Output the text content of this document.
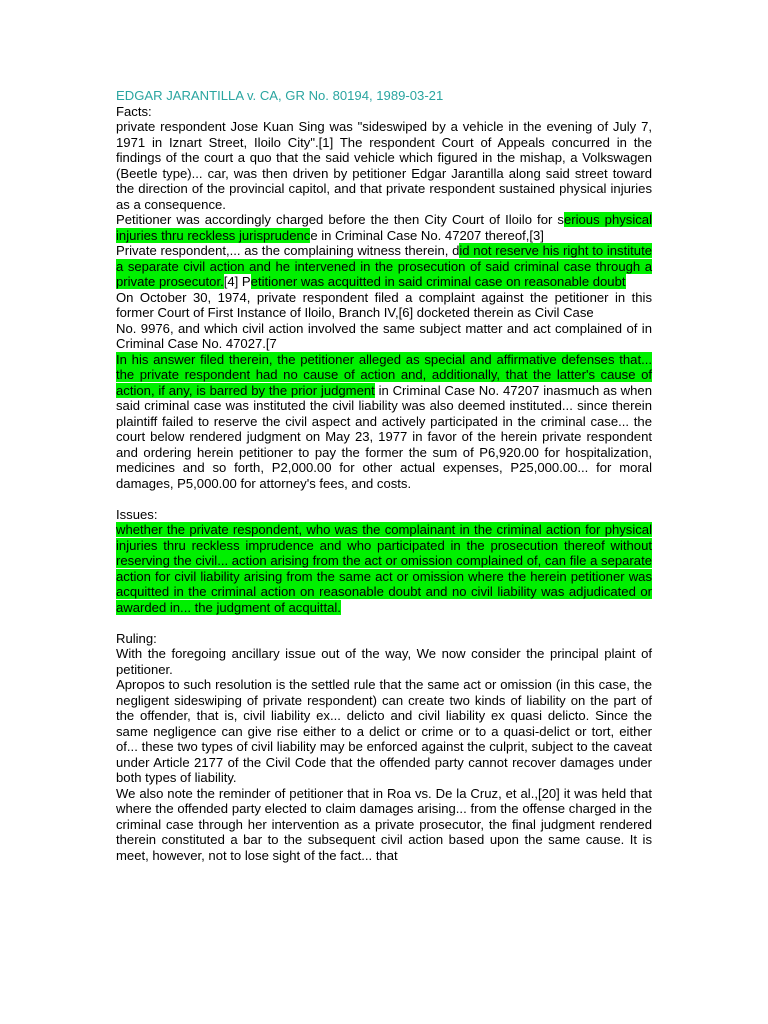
EDGAR JARANTILLA v. CA, GR No. 80194, 1989-03-21

Facts:

private respondent Jose Kuan Sing was "sideswiped by a vehicle in the evening of July 7, 1971 in Iznart Street, Iloilo City".[1] The respondent Court of Appeals concurred in the findings of the court a quo that the said vehicle which figured in the mishap, a Volkswagen (Beetle type)... car, was then driven by petitioner Edgar Jarantilla along said street toward the direction of the provincial capitol, and that private respondent sustained physical injuries as a consequence.

Petitioner was accordingly charged before the then City Court of Iloilo for serious physical injuries thru reckless jurisprudence in Criminal Case No. 47207 thereof,[3]

Private respondent,... as the complaining witness therein, did not reserve his right to institute a separate civil action and he intervened in the prosecution of said criminal case through a private prosecutor.[4] Petitioner was acquitted in said criminal case on reasonable doubt

On October 30, 1974, private respondent filed a complaint against the petitioner in this former Court of First Instance of Iloilo, Branch IV,[6] docketed therein as Civil Case

No. 9976, and which civil action involved the same subject matter and act complained of in Criminal Case No. 47027.[7

In his answer filed therein, the petitioner alleged as special and affirmative defenses that... the private respondent had no cause of action and, additionally, that the latter's cause of action, if any, is barred by the prior judgment in Criminal Case No. 47207 inasmuch as when said criminal case was instituted the civil liability was also deemed instituted... since therein plaintiff failed to reserve the civil aspect and actively participated in the criminal case... the court below rendered judgment on May 23, 1977 in favor of the herein private respondent and ordering herein petitioner to pay the former the sum of P6,920.00 for hospitalization, medicines and so forth, P2,000.00 for other actual expenses, P25,000.00... for moral damages, P5,000.00 for attorney's fees, and costs.

Issues:

whether the private respondent, who was the complainant in the criminal action for physical injuries thru reckless imprudence and who participated in the prosecution thereof without reserving the civil... action arising from the act or omission complained of, can file a separate action for civil liability arising from the same act or omission where the herein petitioner was acquitted in the criminal action on reasonable doubt and no civil liability was adjudicated or awarded in... the judgment of acquittal.

Ruling:

With the foregoing ancillary issue out of the way, We now consider the principal plaint of petitioner.

Apropos to such resolution is the settled rule that the same act or omission (in this case, the negligent sideswiping of private respondent) can create two kinds of liability on the part of the offender, that is, civil liability ex... delicto and civil liability ex quasi delicto. Since the same negligence can give rise either to a delict or crime or to a quasi-delict or tort, either of... these two types of civil liability may be enforced against the culprit, subject to the caveat under Article 2177 of the Civil Code that the offended party cannot recover damages under both types of liability.

We also note the reminder of petitioner that in Roa vs. De la Cruz, et al.,[20] it was held that where the offended party elected to claim damages arising... from the offense charged in the criminal case through her intervention as a private prosecutor, the final judgment rendered therein constituted a bar to the subsequent civil action based upon the same cause. It is meet, however, not to lose sight of the fact... that
